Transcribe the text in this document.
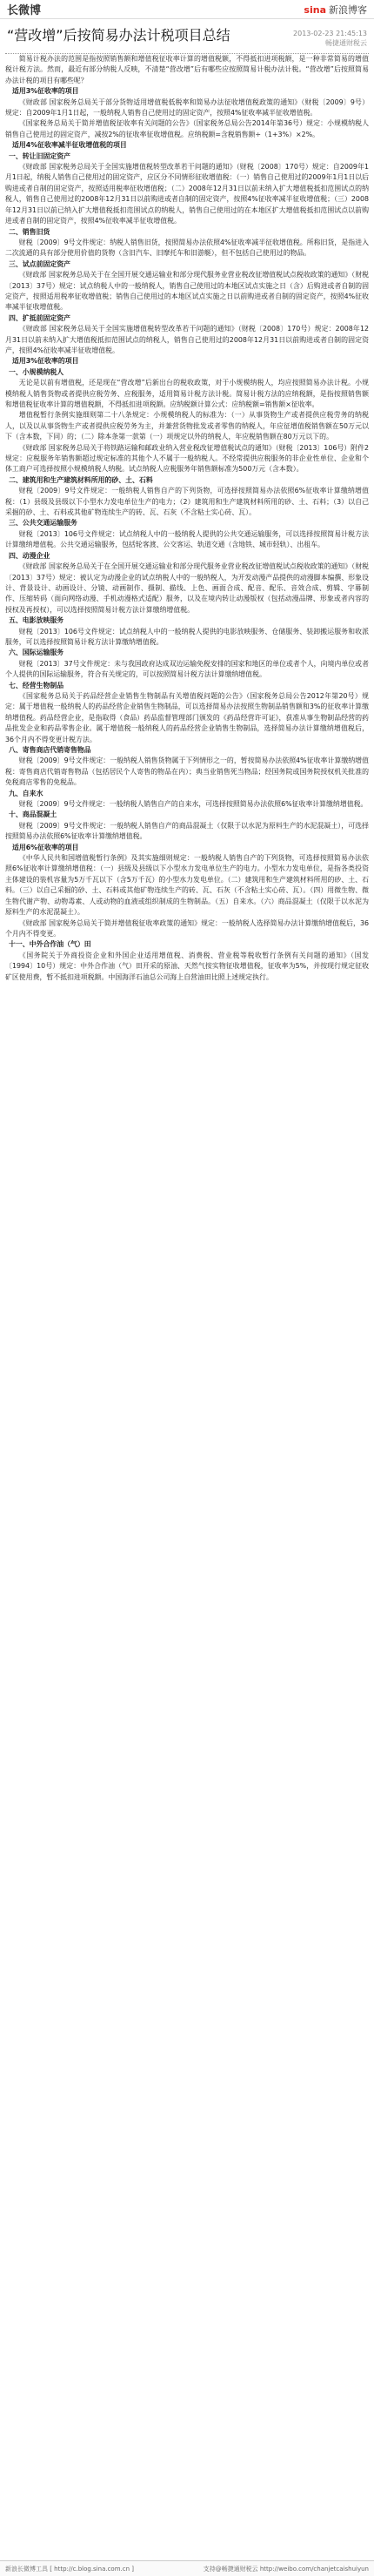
长微博	sina 新浪博客
“营改增”后按简易办法计税项目总结	2013-02-23 21:45:13
畅捷通财税云

简易计税办法的范围是指按照销售额和增值税征收率计算的增值税额，不得抵扣进项税额，是一种非常简易的增值税计税方法。然而，最近有部分纳税人反映，不清楚“营改增”后有哪些应按照简易计税办法计税。“营改增”后按照简易办法计税的项目有哪些呢？

适用3%征收率的项目

《财政部 国家税务总局关于部分货物适用增值税低税率和简易办法征收增值税政策的通知》（财税〔2009〕9号）规定：自2009年1月1日起，一般纳税人销售自己使用过的固定资产，按照4%征收率减半征收增值税。

《国家税务总局关于简并增值税征收率有关问题的公告》（国家税务总局公告2014年第36号）规定：小规模纳税人销售自己使用过的固定资产，减按2%的征收率征收增值税。应纳税额=含税销售额÷（1+3%）×2%。

适用4%征收率减半征收增值税的项目

一、转让旧固定资产

《财政部 国家税务总局关于全国实施增值税转型改革若干问题的通知》（财税〔2008〕170号）规定：自2009年1月1日起，纳税人销售自己使用过的固定资产，应区分不同情形征收增值税：（一）销售自己使用过的2009年1月1日以后购进或者自制的固定资产，按照适用税率征收增值税；（二）2008年12月31日以前未纳入扩大增值税抵扣范围试点的纳税人，销售自己使用过的2008年12月31日以前购进或者自制的固定资产，按照4%征收率减半征收增值税；（三）2008年12月31日以前已纳入扩大增值税抵扣范围试点的纳税人，销售自己使用过的在本地区扩大增值税抵扣范围试点以前购进或者自制的固定资产，按照4%征收率减半征收增值税。

二、销售旧货

财税〔2009〕9号文件规定：纳税人销售旧货，按照简易办法依照4%征收率减半征收增值税。所称旧货，是指进入二次流通的具有部分使用价值的货物（含旧汽车、旧摩托车和旧游艇），但不包括自己使用过的物品。

三、试点前固定资产

《财政部 国家税务总局关于在全国开展交通运输业和部分现代服务业营业税改征增值税试点税收政策的通知》（财税〔2013〕37号）规定：试点纳税人中的一般纳税人，销售自己使用过的本地区试点实施之日（含）后购进或者自制的固定资产，按照适用税率征收增值税；销售自己使用过的本地区试点实施之日以前购进或者自制的固定资产，按照4%征收率减半征收增值税。

四、扩抵前固定资产

《财政部 国家税务总局关于全国实施增值税转型改革若干问题的通知》（财税〔2008〕170号）规定：2008年12月31日以前未纳入扩大增值税抵扣范围试点的纳税人，销售自己使用过的2008年12月31日以前购进或者自制的固定资产，按照4%征收率减半征收增值税。

适用3%征收率的项目

一、小规模纳税人

无论是以前有增值税，还是现在“营改增”后新出台的税收政策，对于小规模纳税人，均应按照简易办法计税。小规模纳税人销售货物或者提供应税劳务、应税服务，适用简易计税方法计税。简易计税方法的应纳税额，是指按照销售额和增值税征收率计算的增值税额，不得抵扣进项税额。应纳税额计算公式：应纳税额=销售额×征收率。

增值税暂行条例实施细则第二十八条规定：小规模纳税人的标准为：（一）从事货物生产或者提供应税劳务的纳税人，以及以从事货物生产或者提供应税劳务为主，并兼营货物批发或者零售的纳税人，年应征增值税销售额在50万元以下（含本数，下同）的；（二）除本条第一款第（一）项规定以外的纳税人，年应税销售额在80万元以下的。

《财政部 国家税务总局关于将铁路运输和邮政业纳入营业税改征增值税试点的通知》（财税〔2013〕106号）附件2规定：应税服务年销售额超过规定标准的其他个人不属于一般纳税人。不经常提供应税服务的非企业性单位、企业和个体工商户可选择按照小规模纳税人纳税。试点纳税人应税服务年销售额标准为500万元（含本数）。

二、建筑用和生产建筑材料所用的砂、土、石料

财税〔2009〕9号文件规定：一般纳税人销售自产的下列货物，可选择按照简易办法依照6%征收率计算缴纳增值税：（1）县级及县级以下小型水力发电单位生产的电力；（2）建筑用和生产建筑材料所用的砂、土、石料；（3）以自己采掘的砂、土、石料或其他矿物连续生产的砖、瓦、石灰（不含粘土实心砖、瓦）。

三、公共交通运输服务

财税〔2013〕106号文件规定：试点纳税人中的一般纳税人提供的公共交通运输服务，可以选择按照简易计税方法计算缴纳增值税。公共交通运输服务，包括轮客渡、公交客运、轨道交通（含地铁、城市轻轨）、出租车。

四、动漫企业

《财政部 国家税务总局关于在全国开展交通运输业和部分现代服务业营业税改征增值税试点税收政策的通知》（财税〔2013〕37号）规定：被认定为动漫企业的试点纳税人中的一般纳税人，为开发动漫产品提供的动漫脚本编撰、形象设计、背景设计、动画设计、分镜、动画制作、摄制、描线、上色、画面合成、配音、配乐、音效合成、剪辑、字幕制作、压缩转码（面向网络动漫、手机动漫格式适配）服务，以及在境内转让动漫版权（包括动漫品牌、形象或者内容的授权及再授权），可以选择按照简易计税方法计算缴纳增值税。

五、电影放映服务

财税〔2013〕106号文件规定：试点纳税人中的一般纳税人提供的电影放映服务、仓储服务、装卸搬运服务和收派服务，可以选择按照简易计税方法计算缴纳增值税。

六、国际运输服务

财税〔2013〕37号文件规定：未与我国政府达成双边运输免税安排的国家和地区的单位或者个人，向境内单位或者个人提供的国际运输服务，符合有关规定的，可以按照简易计税方法计算缴纳增值税。

七、经营生物制品

《国家税务总局关于药品经营企业销售生物制品有关增值税问题的公告》（国家税务总局公告2012年第20号）规定：属于增值税一般纳税人的药品经营企业销售生物制品，可以选择简易办法按照生物制品销售额和3%的征收率计算缴纳增值税。药品经营企业，是指取得（食品）药品监督管理部门颁发的《药品经营许可证》，获准从事生物制品经营的药品批发企业和药品零售企业。属于增值税一般纳税人的药品经营企业销售生物制品，选择简易办法计算缴纳增值税后，36个月内不得变更计税方法。

八、寄售商店代销寄售物品

财税〔2009〕9号文件规定：一般纳税人销售货物属于下列情形之一的，暂按简易办法依照4%征收率计算缴纳增值税：寄售商店代销寄售物品（包括居民个人寄售的物品在内）；典当业销售死当物品；经国务院或国务院授权机关批准的免税商店零售的免税品。

九、自来水

财税〔2009〕9号文件规定：一般纳税人销售自产的自来水，可选择按照简易办法依照6%征收率计算缴纳增值税。

十、商品混凝土

财税〔2009〕9号文件规定：一般纳税人销售自产的商品混凝土（仅限于以水泥为原料生产的水泥混凝土），可选择按照简易办法依照6%征收率计算缴纳增值税。

适用6%征收率的项目

《中华人民共和国增值税暂行条例》及其实施细则规定：一般纳税人销售自产的下列货物，可选择按照简易办法依照6%征收率计算缴纳增值税：（一）县级及县级以下小型水力发电单位生产的电力。小型水力发电单位，是指各类投资主体建设的装机容量为5万千瓦以下（含5万千瓦）的小型水力发电单位。（二）建筑用和生产建筑材料所用的砂、土、石料。（三）以自己采掘的砂、土、石料或其他矿物连续生产的砖、瓦、石灰（不含粘土实心砖、瓦）。（四）用微生物、微生物代谢产物、动物毒素、人或动物的血液或组织制成的生物制品。（五）自来水。（六）商品混凝土（仅限于以水泥为原料生产的水泥混凝土）。

《财政部 国家税务总局关于简并增值税征收率政策的通知》规定：一般纳税人选择简易办法计算缴纳增值税后，36个月内不得变更。

十一、中外合作油（气）田

《国务院关于外商投资企业和外国企业适用增值税、消费税、营业税等税收暂行条例有关问题的通知》（国发〔1994〕10号）规定：中外合作油（气）田开采的原油、天然气按实物征收增值税，征收率为5%，并按现行规定征收矿区使用费，暂不抵扣进项税额。中国海洋石油总公司海上自营油田比照上述规定执行。

新浪长微博工具 [ http://c.blog.sina.com.cn ]	支持@畅捷通财税云 http://weibo.com/chanjetcaishuiyun
